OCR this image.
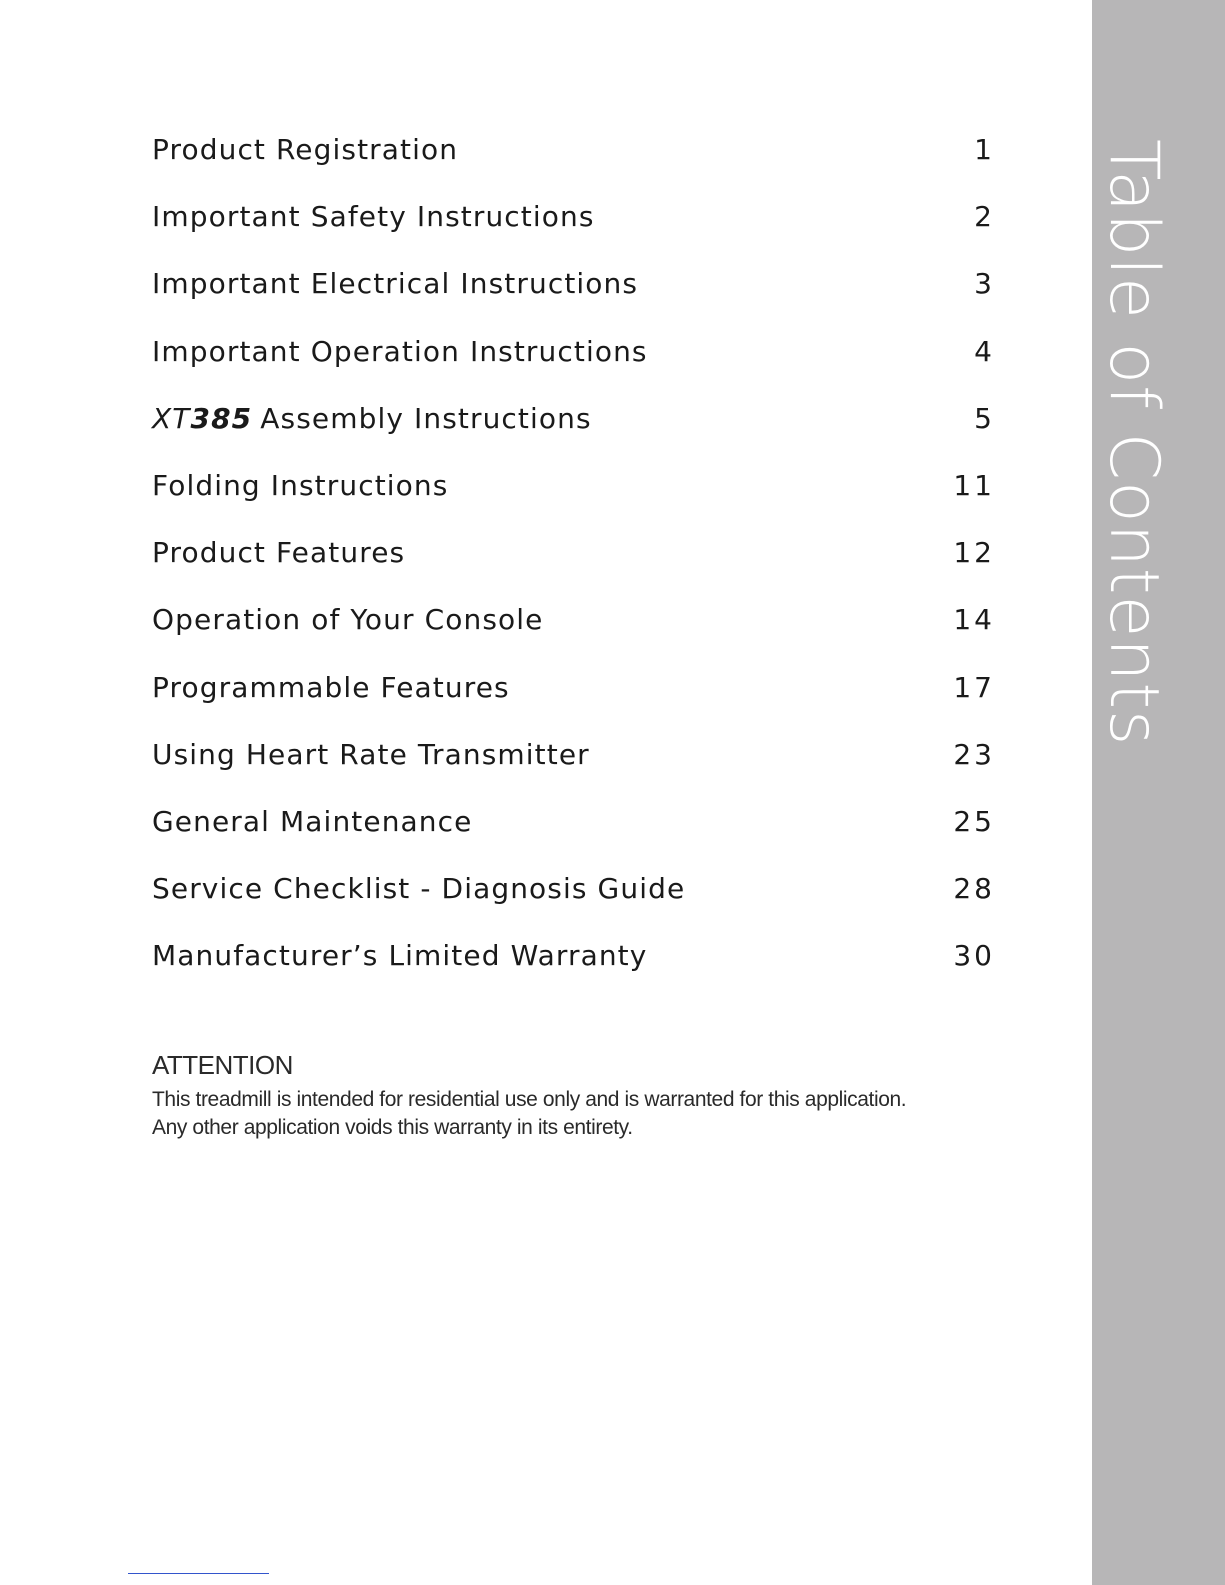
Table of Contents
Product Registration	1
Important Safety Instructions	2
Important Electrical Instructions	3
Important Operation Instructions	4
XT385 Assembly Instructions	5
Folding Instructions	11
Product Features	12
Operation of Your Console	14
Programmable Features	17
Using Heart Rate Transmitter	23
General Maintenance	25
Service Checklist - Diagnosis Guide	28
Manufacturer’s Limited Warranty	30
ATTENTION

This treadmill is intended for residential use only and is warranted for this application.

Any other application voids this warranty in its entirety.
